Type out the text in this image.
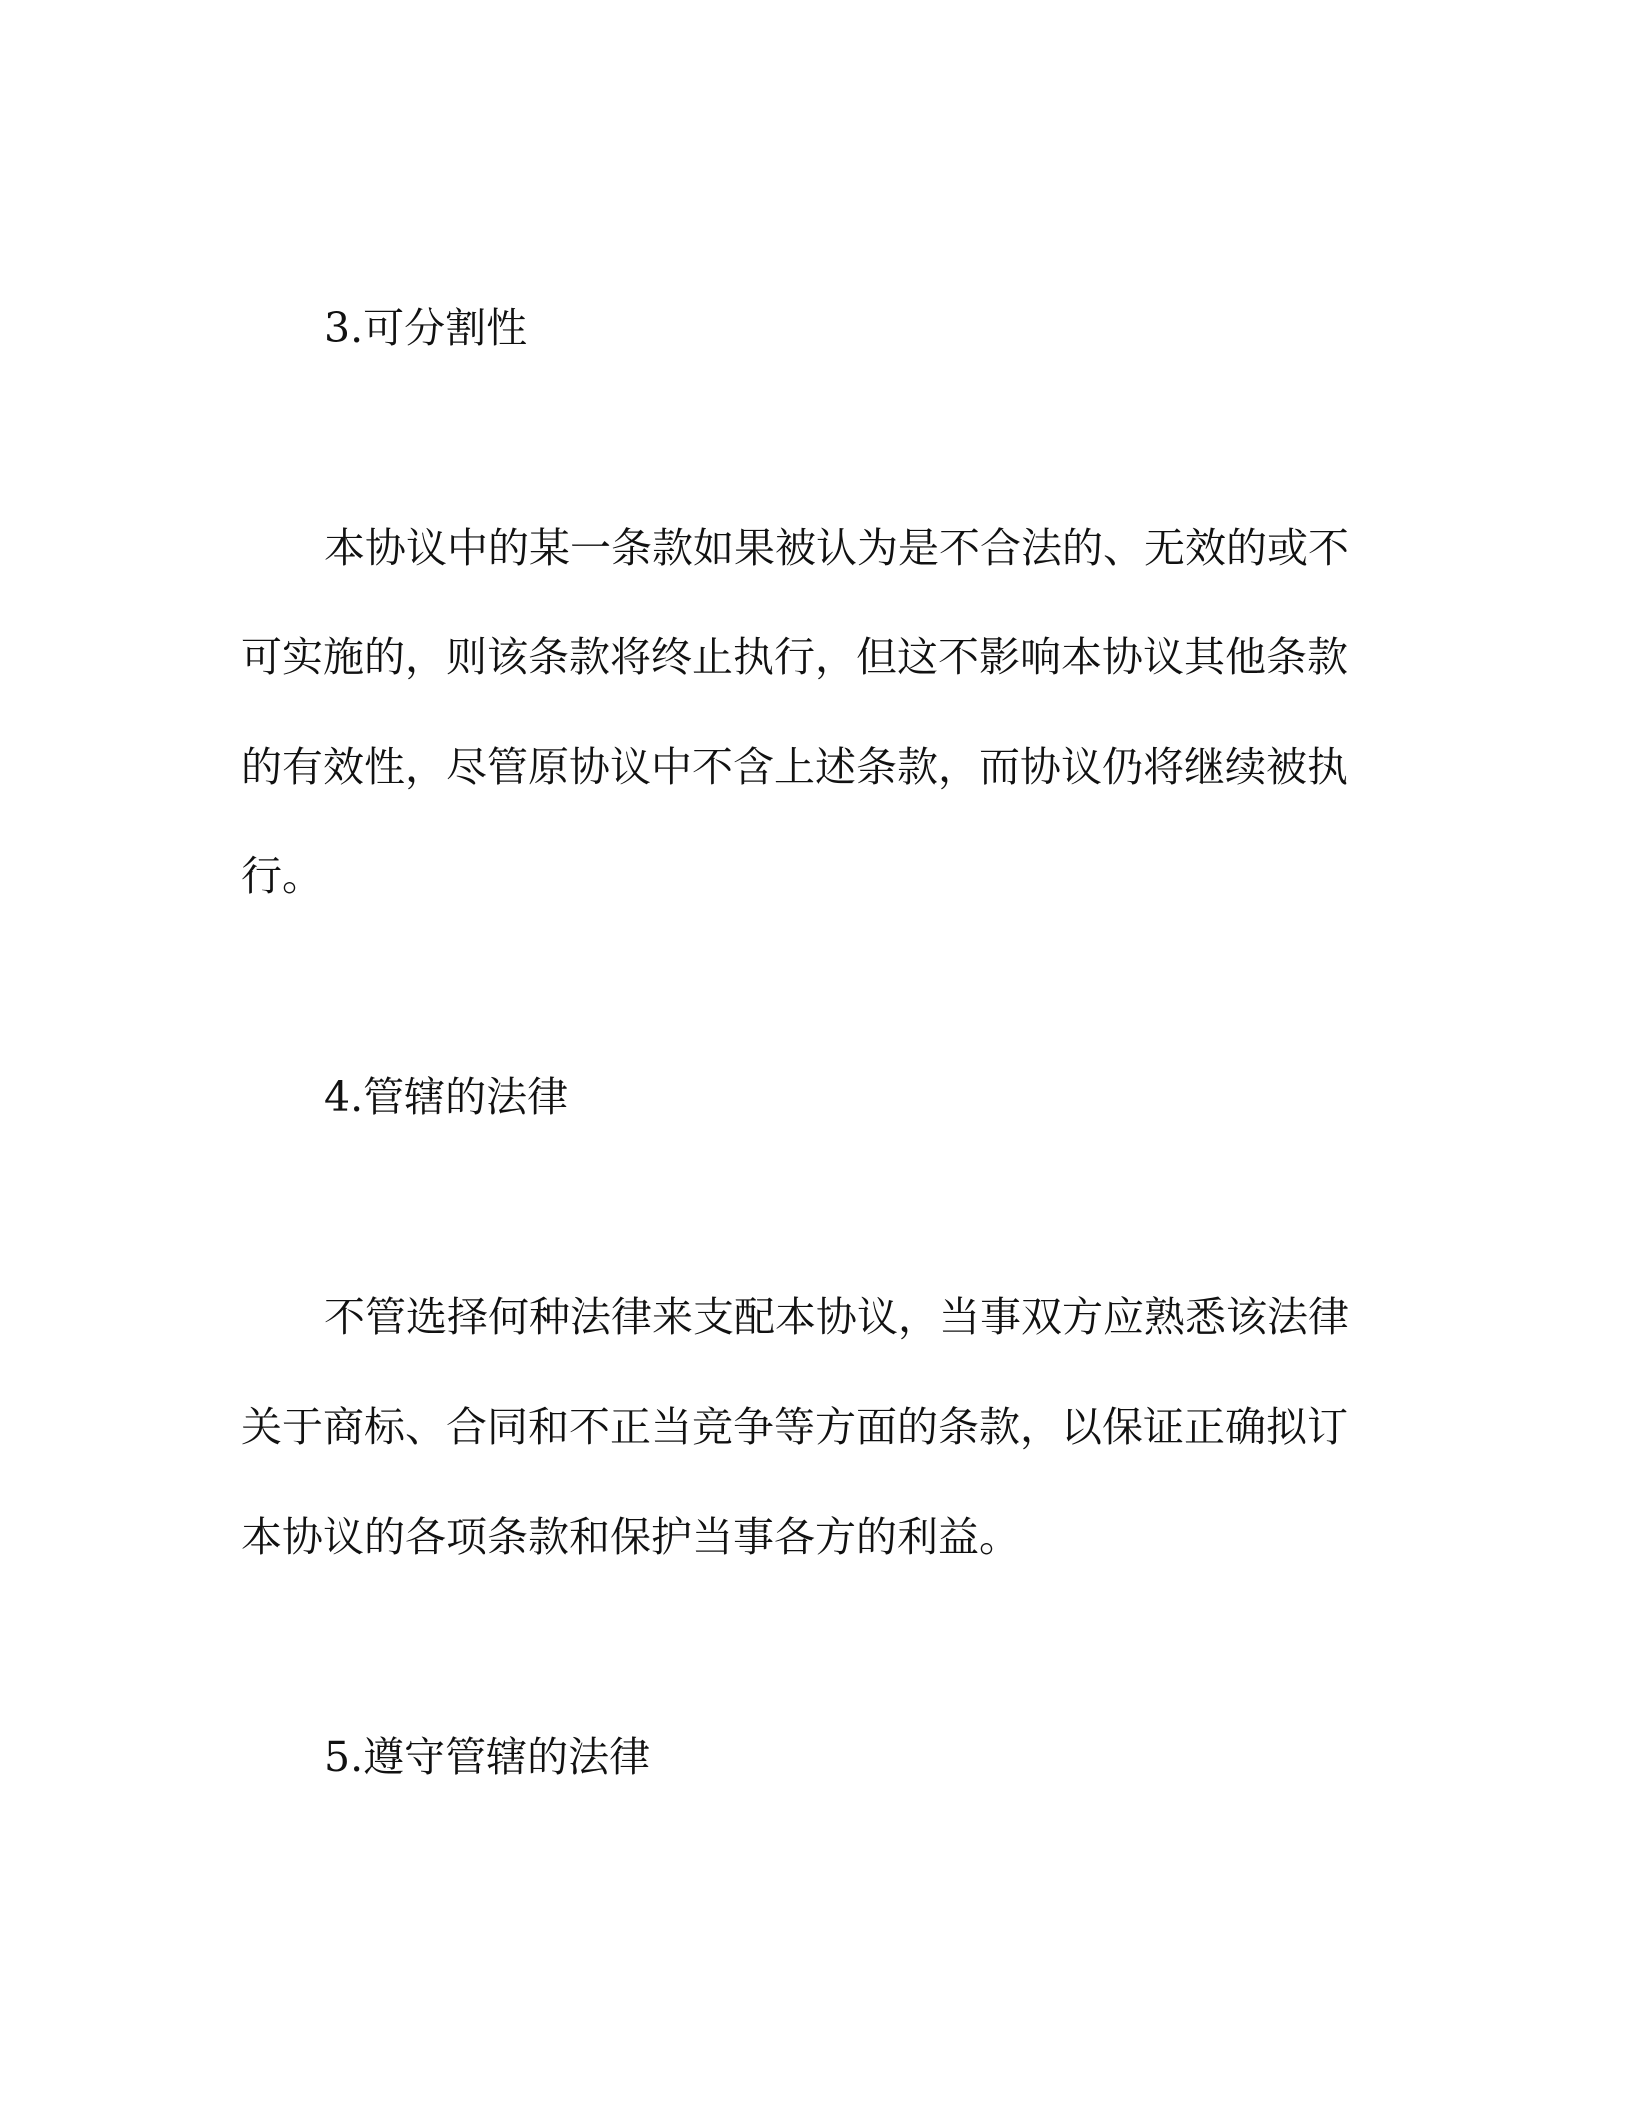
3.可分割性

本协议中的某一条款如果被认为是不合法的、无效的或不

可实施的，则该条款将终止执行，但这不影响本协议其他条款

的有效性，尽管原协议中不含上述条款，而协议仍将继续被执

行。

4.管辖的法律

不管选择何种法律来支配本协议，当事双方应熟悉该法律

关于商标、合同和不正当竞争等方面的条款，以保证正确拟订

本协议的各项条款和保护当事各方的利益。

5.遵守管辖的法律
